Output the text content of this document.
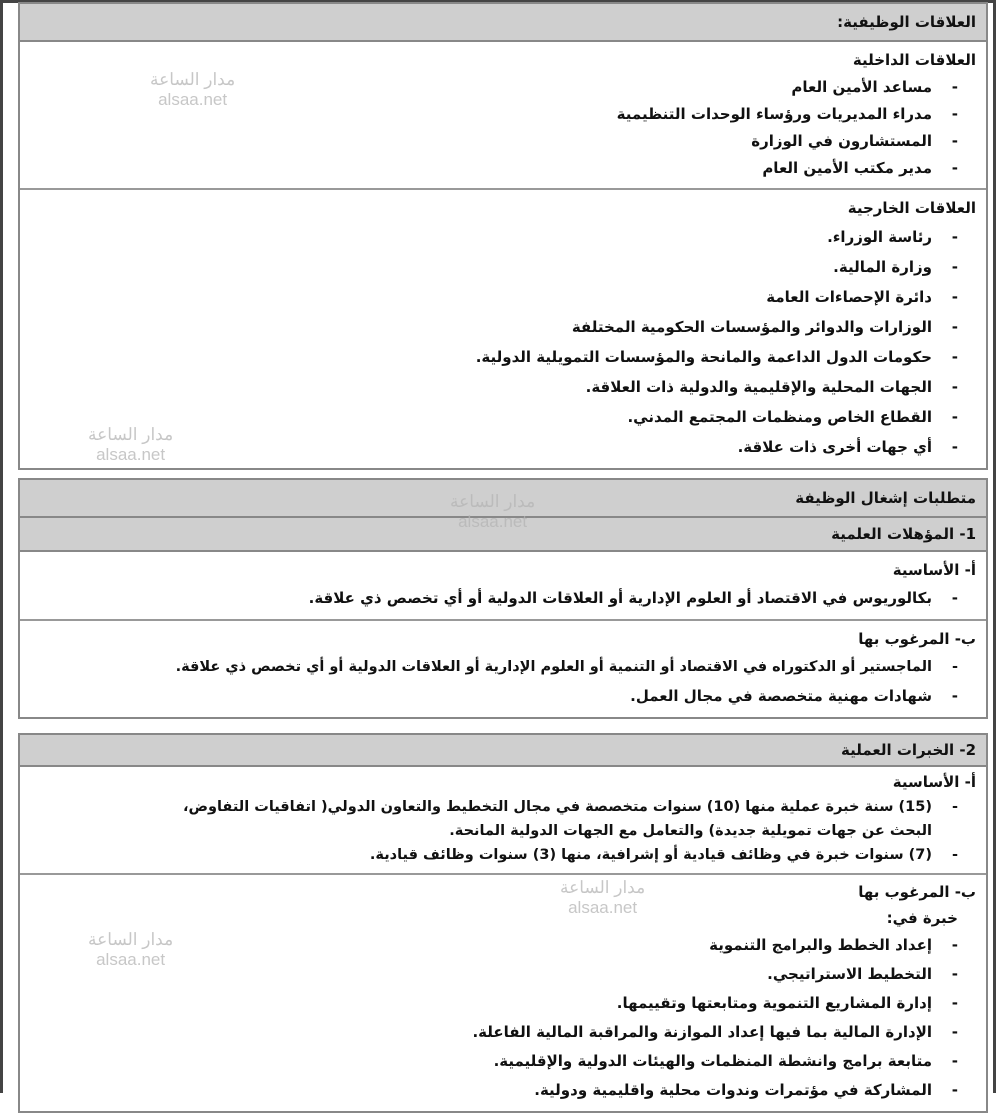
العلاقات الوظيفية:
العلاقات الداخلية
-
مساعد الأمين العام
-
مدراء المديريات ورؤساء الوحدات التنظيمية
-
المستشارون في الوزارة
-
مدير مكتب الأمين العام
العلاقات الخارجية
-
رئاسة الوزراء.
-
وزارة المالية.
-
دائرة الإحصاءات العامة
-
الوزارات والدوائر والمؤسسات الحكومية المختلفة
-
حكومات الدول الداعمة والمانحة والمؤسسات التمويلية الدولية.
-
الجهات المحلية والإقليمية والدولية ذات العلاقة.
-
القطاع الخاص ومنظمات المجتمع المدني.
-
أي جهات أخرى ذات علاقة.
متطلبات إشغال الوظيفة
1- المؤهلات العلمية
أ- الأساسية
-
بكالوريوس في الاقتصاد أو العلوم الإدارية أو العلاقات الدولية أو أي تخصص ذي علاقة.
ب- المرغوب بها
-
الماجستير أو الدكتوراه في الاقتصاد أو التنمية أو العلوم الإدارية أو العلاقات الدولية أو أي تخصص ذي علاقة.
-
شهادات مهنية متخصصة في مجال العمل.
2- الخبرات العملية
أ- الأساسية
-
(15) سنة خبرة عملية منها (10) سنوات متخصصة في مجال التخطيط والتعاون الدولي( اتفاقيات التفاوض،
البحث عن جهات تمويلية جديدة) والتعامل مع الجهات الدولية المانحة.
-
(7) سنوات خبرة في وظائف قيادية أو إشرافية، منها (3) سنوات وظائف قيادية.
ب- المرغوب بها
خبرة في:
-
إعداد الخطط والبرامج التنموية
-
التخطيط الاستراتيجي.
-
إدارة المشاريع التنموية ومتابعتها وتقييمها.
-
الإدارة المالية بما فيها إعداد الموازنة والمراقبة المالية الفاعلة.
-
متابعة برامج وانشطة المنظمات والهيئات الدولية والإقليمية.
-
المشاركة في مؤتمرات وندوات محلية واقليمية ودولية.
مدار الساعة
alsaa.net
مدار الساعة
alsaa.net
مدار الساعة
alsaa.net
مدار الساعة
alsaa.net
مدار الساعة
alsaa.net
